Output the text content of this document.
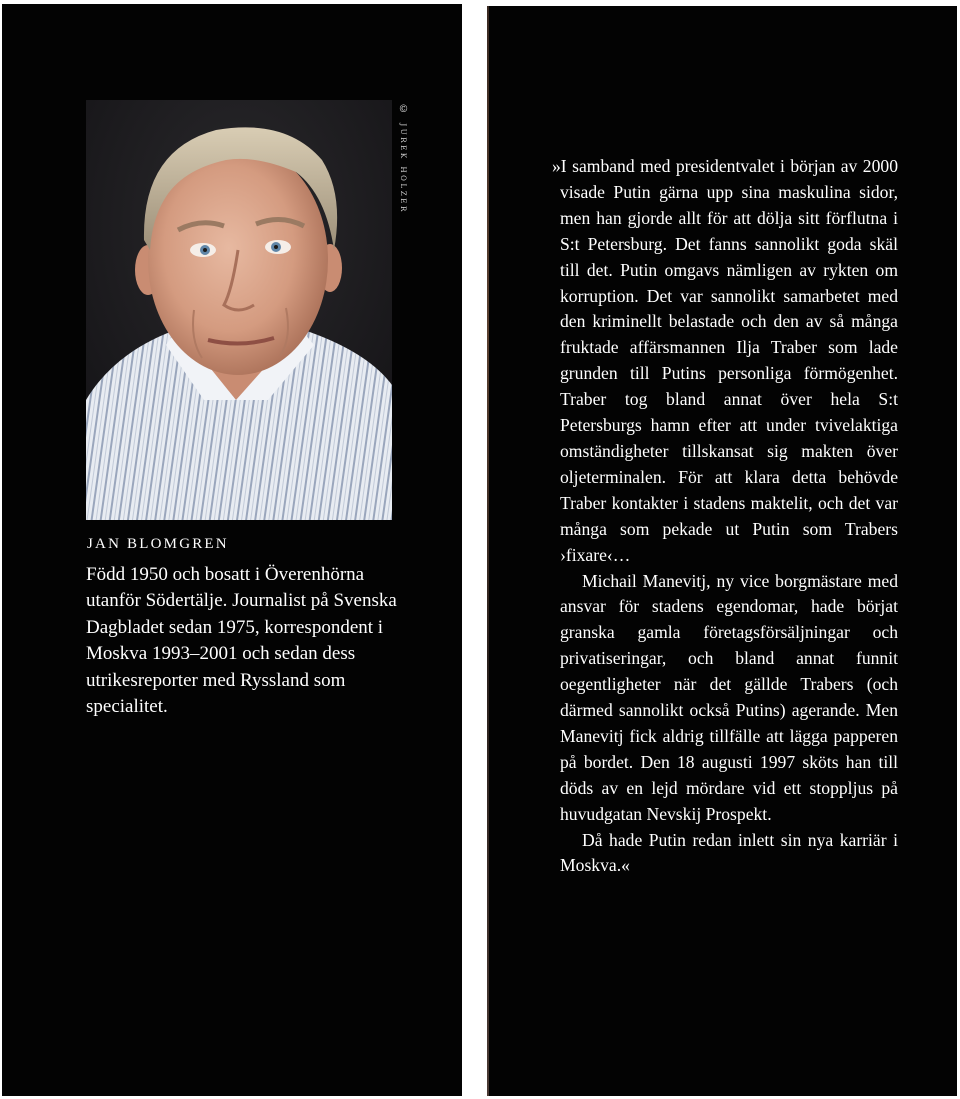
© jurek holzer
JAN BLOMGREN

Född 1950 och bosatt i Överenhörna utanför Södertälje. Journalist på Svenska Dagbladet sedan 1975, korrespondent i Moskva 1993–2001 och sedan dess utrikesreporter med Ryssland som specialitet.

»I samband med presidentvalet i början av 2000 visade Putin gärna upp sina maskulina sidor, men han gjorde allt för att dölja sitt förflutna i S:t Petersburg. Det fanns sannolikt goda skäl till det. Putin omgavs nämligen av rykten om korruption. Det var sannolikt samarbetet med den kriminellt belastade och den av så många fruktade affärsmannen Ilja Traber som lade grunden till Putins personliga förmögenhet. Traber tog bland annat över hela S:t Petersburgs hamn efter att under tvivelaktiga omständigheter tillskansat sig makten över oljeterminalen. För att klara detta behövde Traber kontakter i stadens maktelit, och det var många som pekade ut Putin som Trabers ›fixare‹…

Michail Manevitj, ny vice borgmästare med ansvar för stadens egendomar, hade börjat granska gamla företagsförsäljningar och privatiseringar, och bland annat funnit oegentligheter när det gällde Trabers (och därmed sannolikt också Putins) agerande. Men Manevitj fick aldrig tillfälle att lägga papperen på bordet. Den 18 augusti 1997 sköts han till döds av en lejd mördare vid ett stoppljus på huvudgatan Nevskij Prospekt.

Då hade Putin redan inlett sin nya karriär i Moskva.«
